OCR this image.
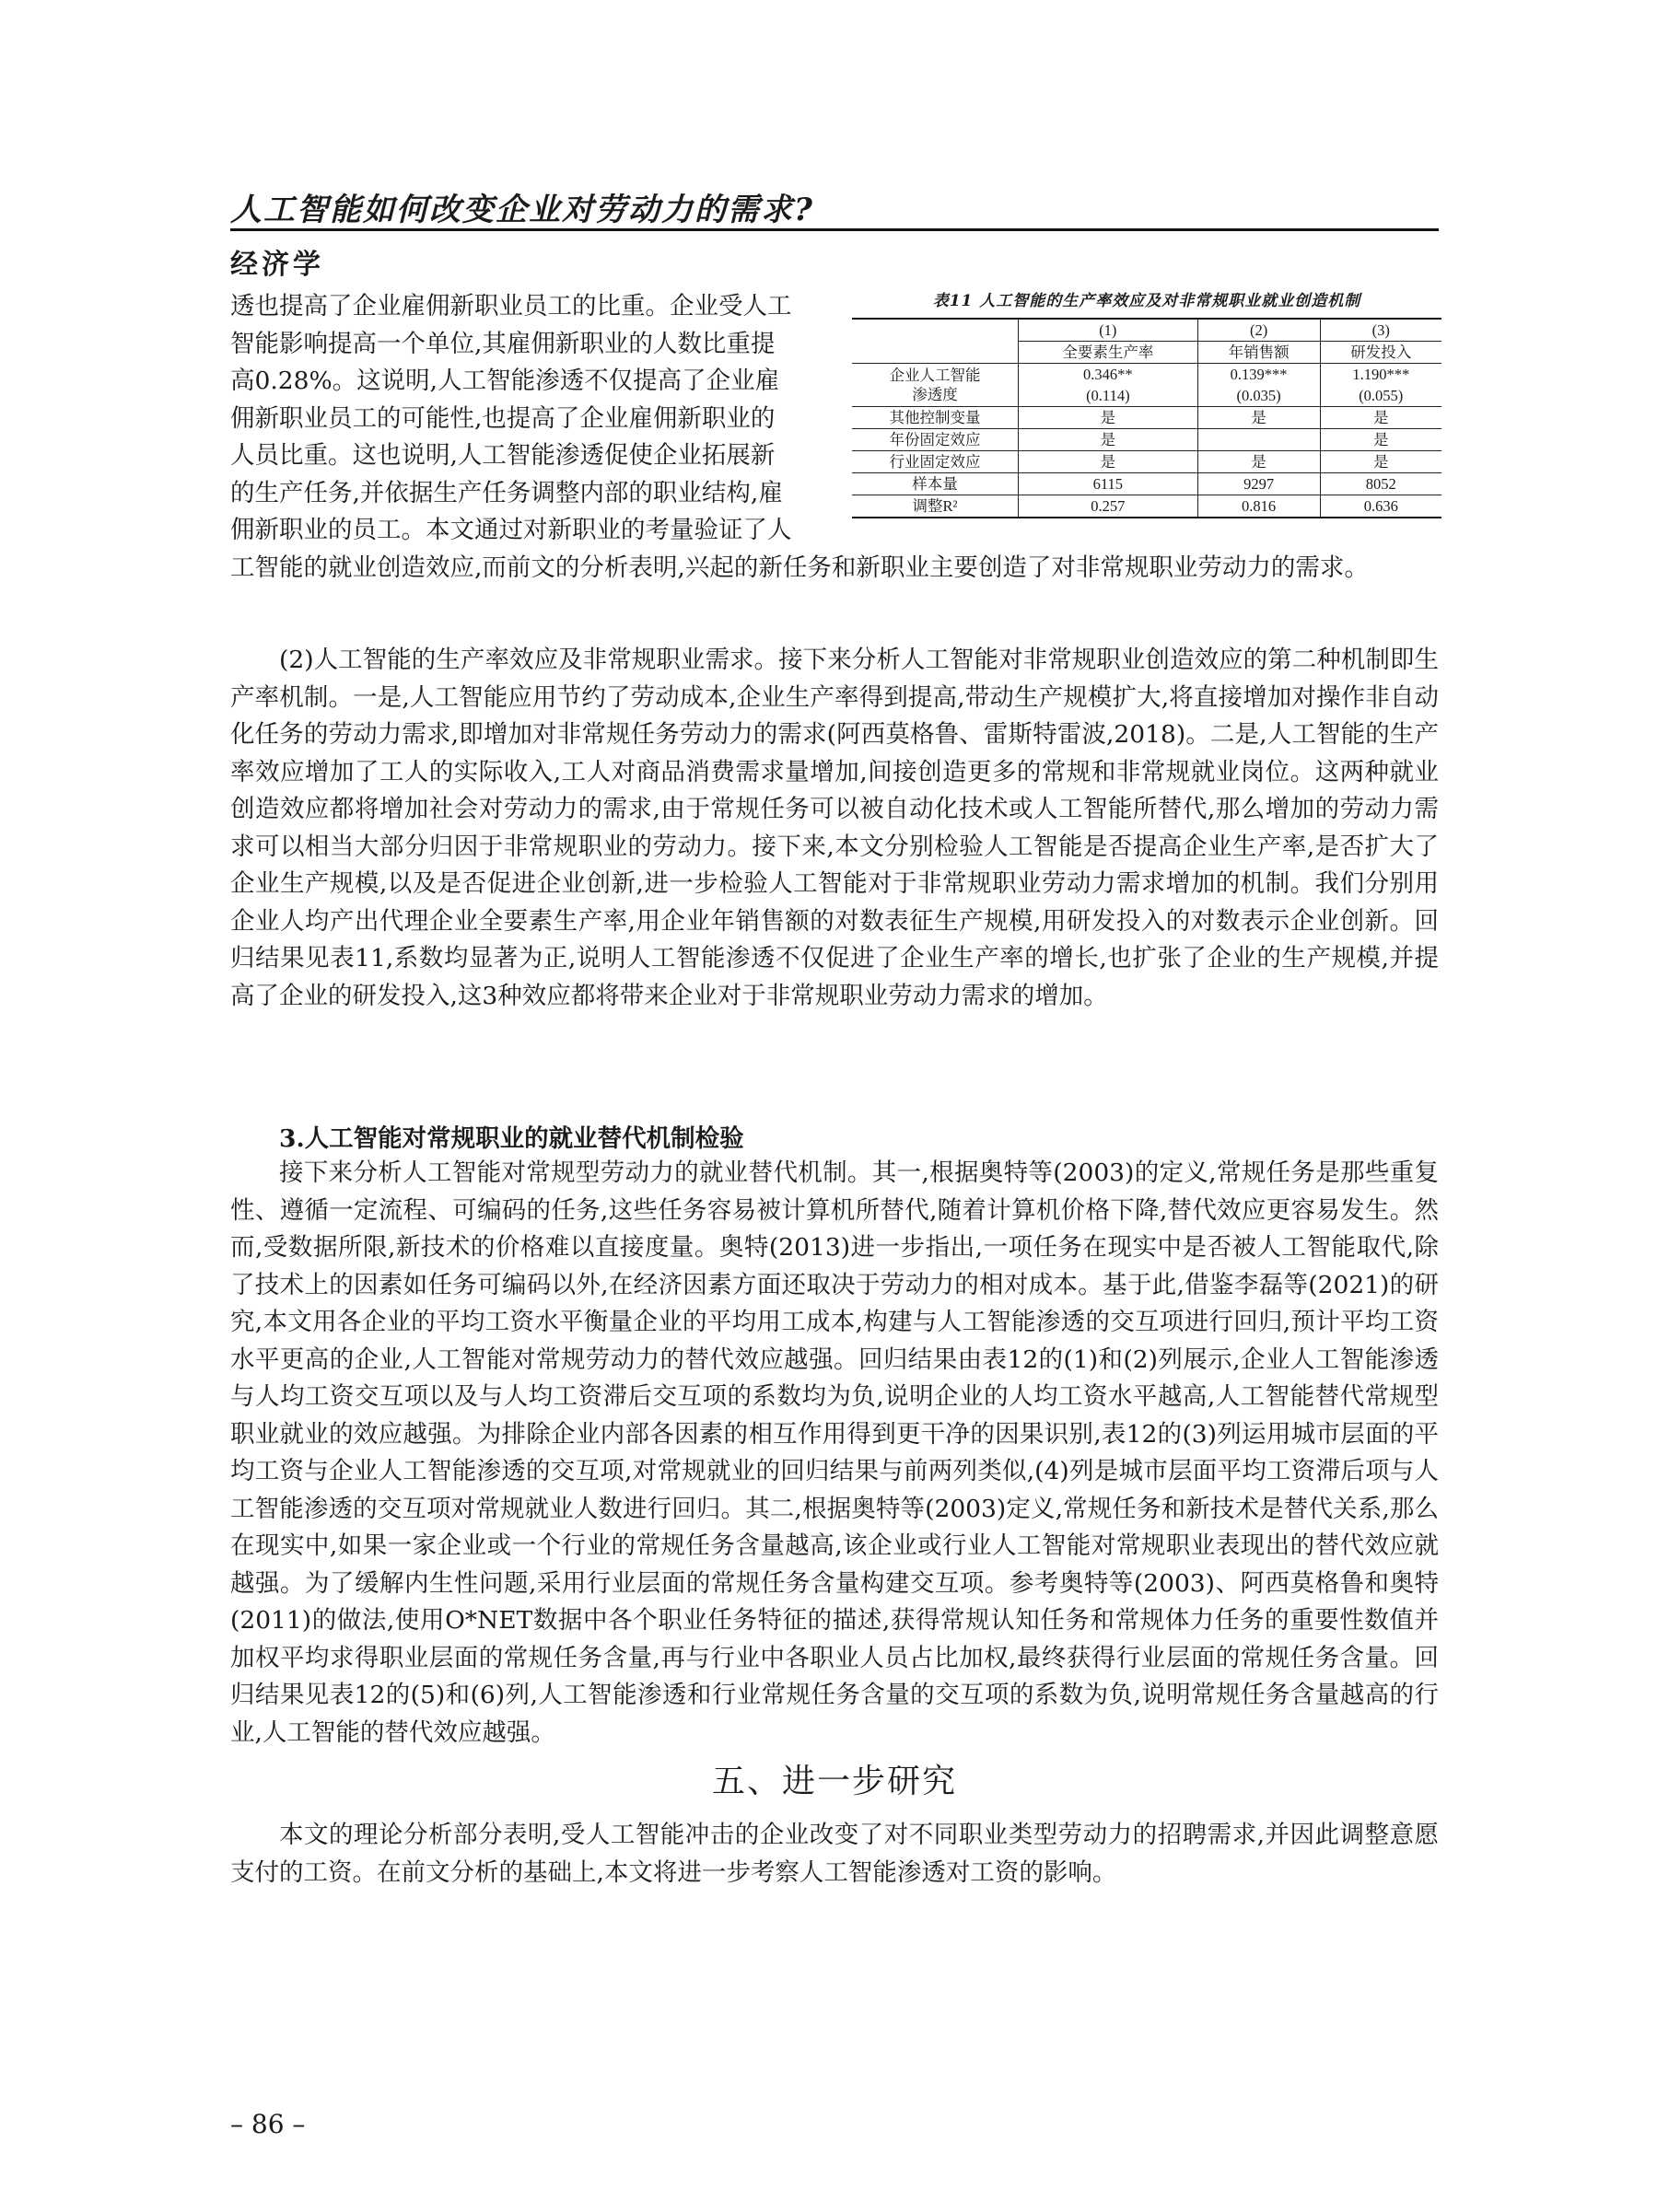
人工智能如何改变企业对劳动力的需求?
经济学
透也提高了企业雇佣新职业员工的比重。企业受人工
智能影响提高一个单位,其雇佣新职业的人数比重提
高0.28%。这说明,人工智能渗透不仅提高了企业雇
佣新职业员工的可能性,也提高了企业雇佣新职业的
人员比重。这也说明,人工智能渗透促使企业拓展新
的生产任务,并依据生产任务调整内部的职业结构,雇
佣新职业的员工。本文通过对新职业的考量验证了人

工智能的就业创造效应,而前文的分析表明,兴起的新任务和新职业主要创造了对非常规职业劳动力的需求。

表11 人工智能的生产率效应及对非常规职业就业创造机制
	(1)	(2)	(3)
	全要素生产率	年销售额	研发投入
企业人工智能
渗透度	0.346**	0.139***	1.190***
	(0.114)	(0.035)	(0.055)
其他控制变量	是	是	是
年份固定效应	是		是
行业固定效应	是	是	是
样本量	6115	9297	8052
调整R²	0.257	0.816	0.636

(2)人工智能的生产率效应及非常规职业需求。接下来分析人工智能对非常规职业创造效应的第二种机制即生产率机制。一是,人工智能应用节约了劳动成本,企业生产率得到提高,带动生产规模扩大,将直接增加对操作非自动化任务的劳动力需求,即增加对非常规任务劳动力的需求(阿西莫格鲁、雷斯特雷波,2018)。二是,人工智能的生产率效应增加了工人的实际收入,工人对商品消费需求量增加,间接创造更多的常规和非常规就业岗位。这两种就业创造效应都将增加社会对劳动力的需求,由于常规任务可以被自动化技术或人工智能所替代,那么增加的劳动力需求可以相当大部分归因于非常规职业的劳动力。接下来,本文分别检验人工智能是否提高企业生产率,是否扩大了企业生产规模,以及是否促进企业创新,进一步检验人工智能对于非常规职业劳动力需求增加的机制。我们分别用企业人均产出代理企业全要素生产率,用企业年销售额的对数表征生产规模,用研发投入的对数表示企业创新。回归结果见表11,系数均显著为正,说明人工智能渗透不仅促进了企业生产率的增长,也扩张了企业的生产规模,并提高了企业的研发投入,这3种效应都将带来企业对于非常规职业劳动力需求的增加。

3.人工智能对常规职业的就业替代机制检验

接下来分析人工智能对常规型劳动力的就业替代机制。其一,根据奥特等(2003)的定义,常规任务是那些重复性、遵循一定流程、可编码的任务,这些任务容易被计算机所替代,随着计算机价格下降,替代效应更容易发生。然而,受数据所限,新技术的价格难以直接度量。奥特(2013)进一步指出,一项任务在现实中是否被人工智能取代,除了技术上的因素如任务可编码以外,在经济因素方面还取决于劳动力的相对成本。基于此,借鉴李磊等(2021)的研究,本文用各企业的平均工资水平衡量企业的平均用工成本,构建与人工智能渗透的交互项进行回归,预计平均工资水平更高的企业,人工智能对常规劳动力的替代效应越强。回归结果由表12的(1)和(2)列展示,企业人工智能渗透与人均工资交互项以及与人均工资滞后交互项的系数均为负,说明企业的人均工资水平越高,人工智能替代常规型职业就业的效应越强。为排除企业内部各因素的相互作用得到更干净的因果识别,表12的(3)列运用城市层面的平均工资与企业人工智能渗透的交互项,对常规就业的回归结果与前两列类似,(4)列是城市层面平均工资滞后项与人工智能渗透的交互项对常规就业人数进行回归。其二,根据奥特等(2003)定义,常规任务和新技术是替代关系,那么在现实中,如果一家企业或一个行业的常规任务含量越高,该企业或行业人工智能对常规职业表现出的替代效应就越强。为了缓解内生性问题,采用行业层面的常规任务含量构建交互项。参考奥特等(2003)、阿西莫格鲁和奥特(2011)的做法,使用O*NET数据中各个职业任务特征的描述,获得常规认知任务和常规体力任务的重要性数值并加权平均求得职业层面的常规任务含量,再与行业中各职业人员占比加权,最终获得行业层面的常规任务含量。回归结果见表12的(5)和(6)列,人工智能渗透和行业常规任务含量的交互项的系数为负,说明常规任务含量越高的行业,人工智能的替代效应越强。

五、进一步研究

本文的理论分析部分表明,受人工智能冲击的企业改变了对不同职业类型劳动力的招聘需求,并因此调整意愿支付的工资。在前文分析的基础上,本文将进一步考察人工智能渗透对工资的影响。

– 86 –
